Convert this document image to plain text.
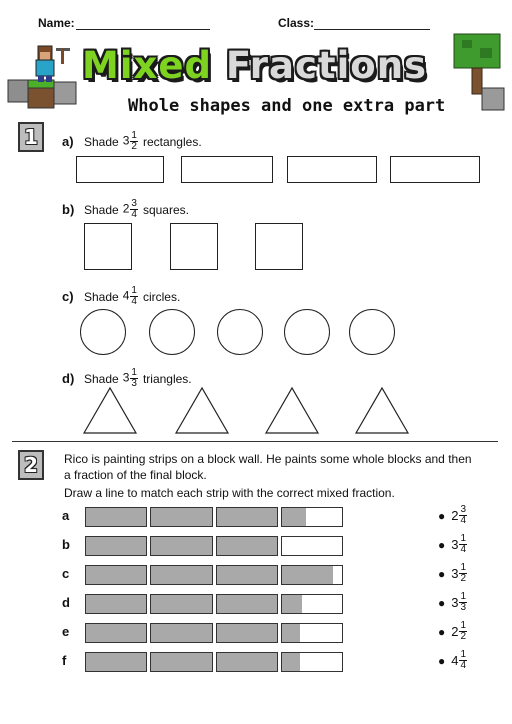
Name:	Class:
Mixed Fractions
Whole shapes and one extra part
1	a) Shade $3 \frac{1}{2}$ rectangles.
b) Shade $2 \frac{3}{4}$ squares.
c) Shade $4 \frac{1}{4}$ circles.
d) Shade $3 \frac{1}{3}$ triangles.
2	Rico is painting strips on a block wall. He paints some whole blocks and then
a fraction of the final block.
Draw a line to match each strip with the correct mixed fraction.
a
b
c
d
e
f
● $2 \frac{3}{4}$
● $3 \frac{1}{4}$
● $3 \frac{1}{2}$
● $3 \frac{1}{3}$
● $2 \frac{1}{2}$
● $4 \frac{1}{4}$
